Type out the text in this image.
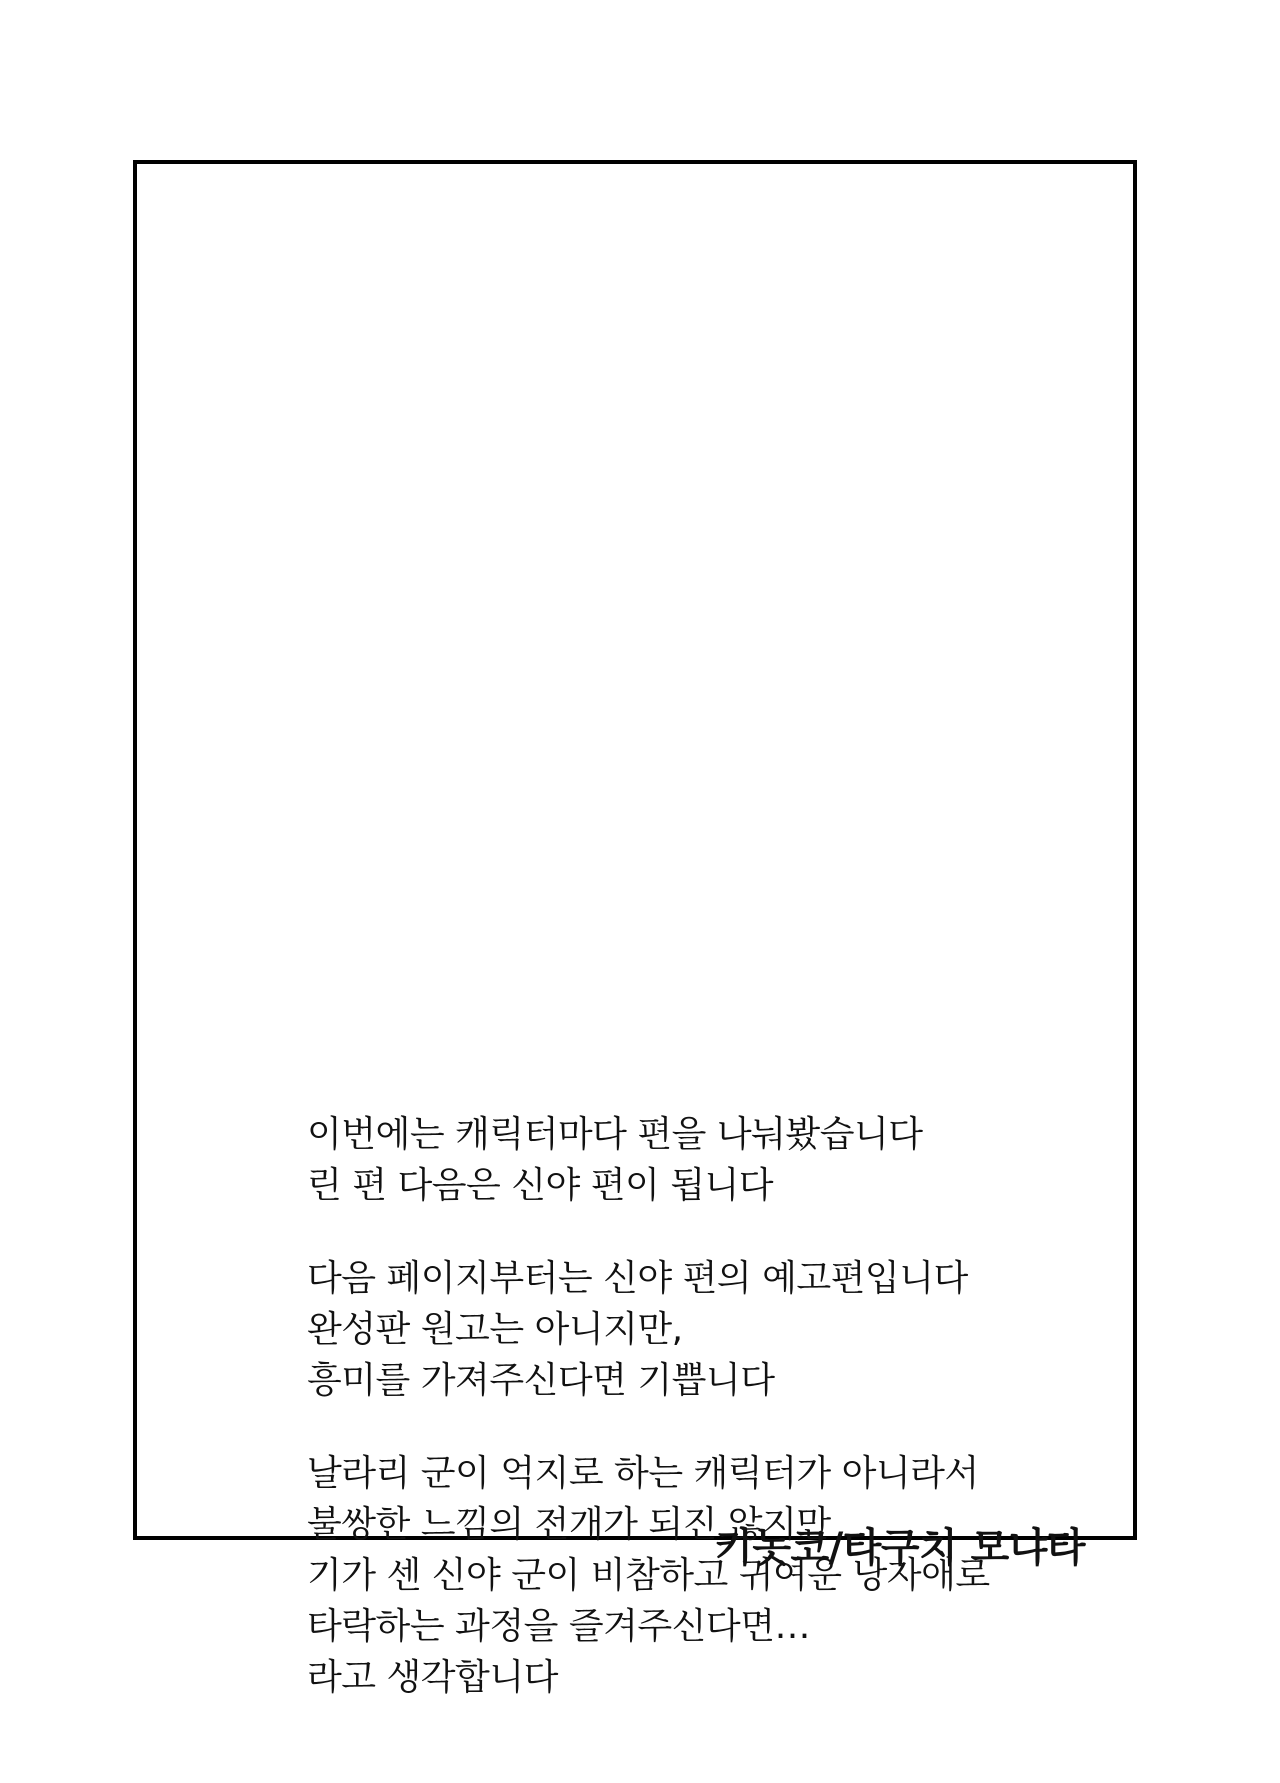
이번에는 캐릭터마다 편을 나눠봤습니다
린 편 다음은 신야 편이 됩니다
다음 페이지부터는 신야 편의 예고편입니다
완성판 원고는 아니지만,
흥미를 가져주신다면 기쁩니다
날라리 군이 억지로 하는 캐릭터가 아니라서
불쌍한 느낌의 전개가 되진 않지만
기가 센 신야 군이 비참하고 귀여운 낭자애로
타락하는 과정을 즐겨주신다면…
라고 생각합니다
키놋코/타구치 모냐타
